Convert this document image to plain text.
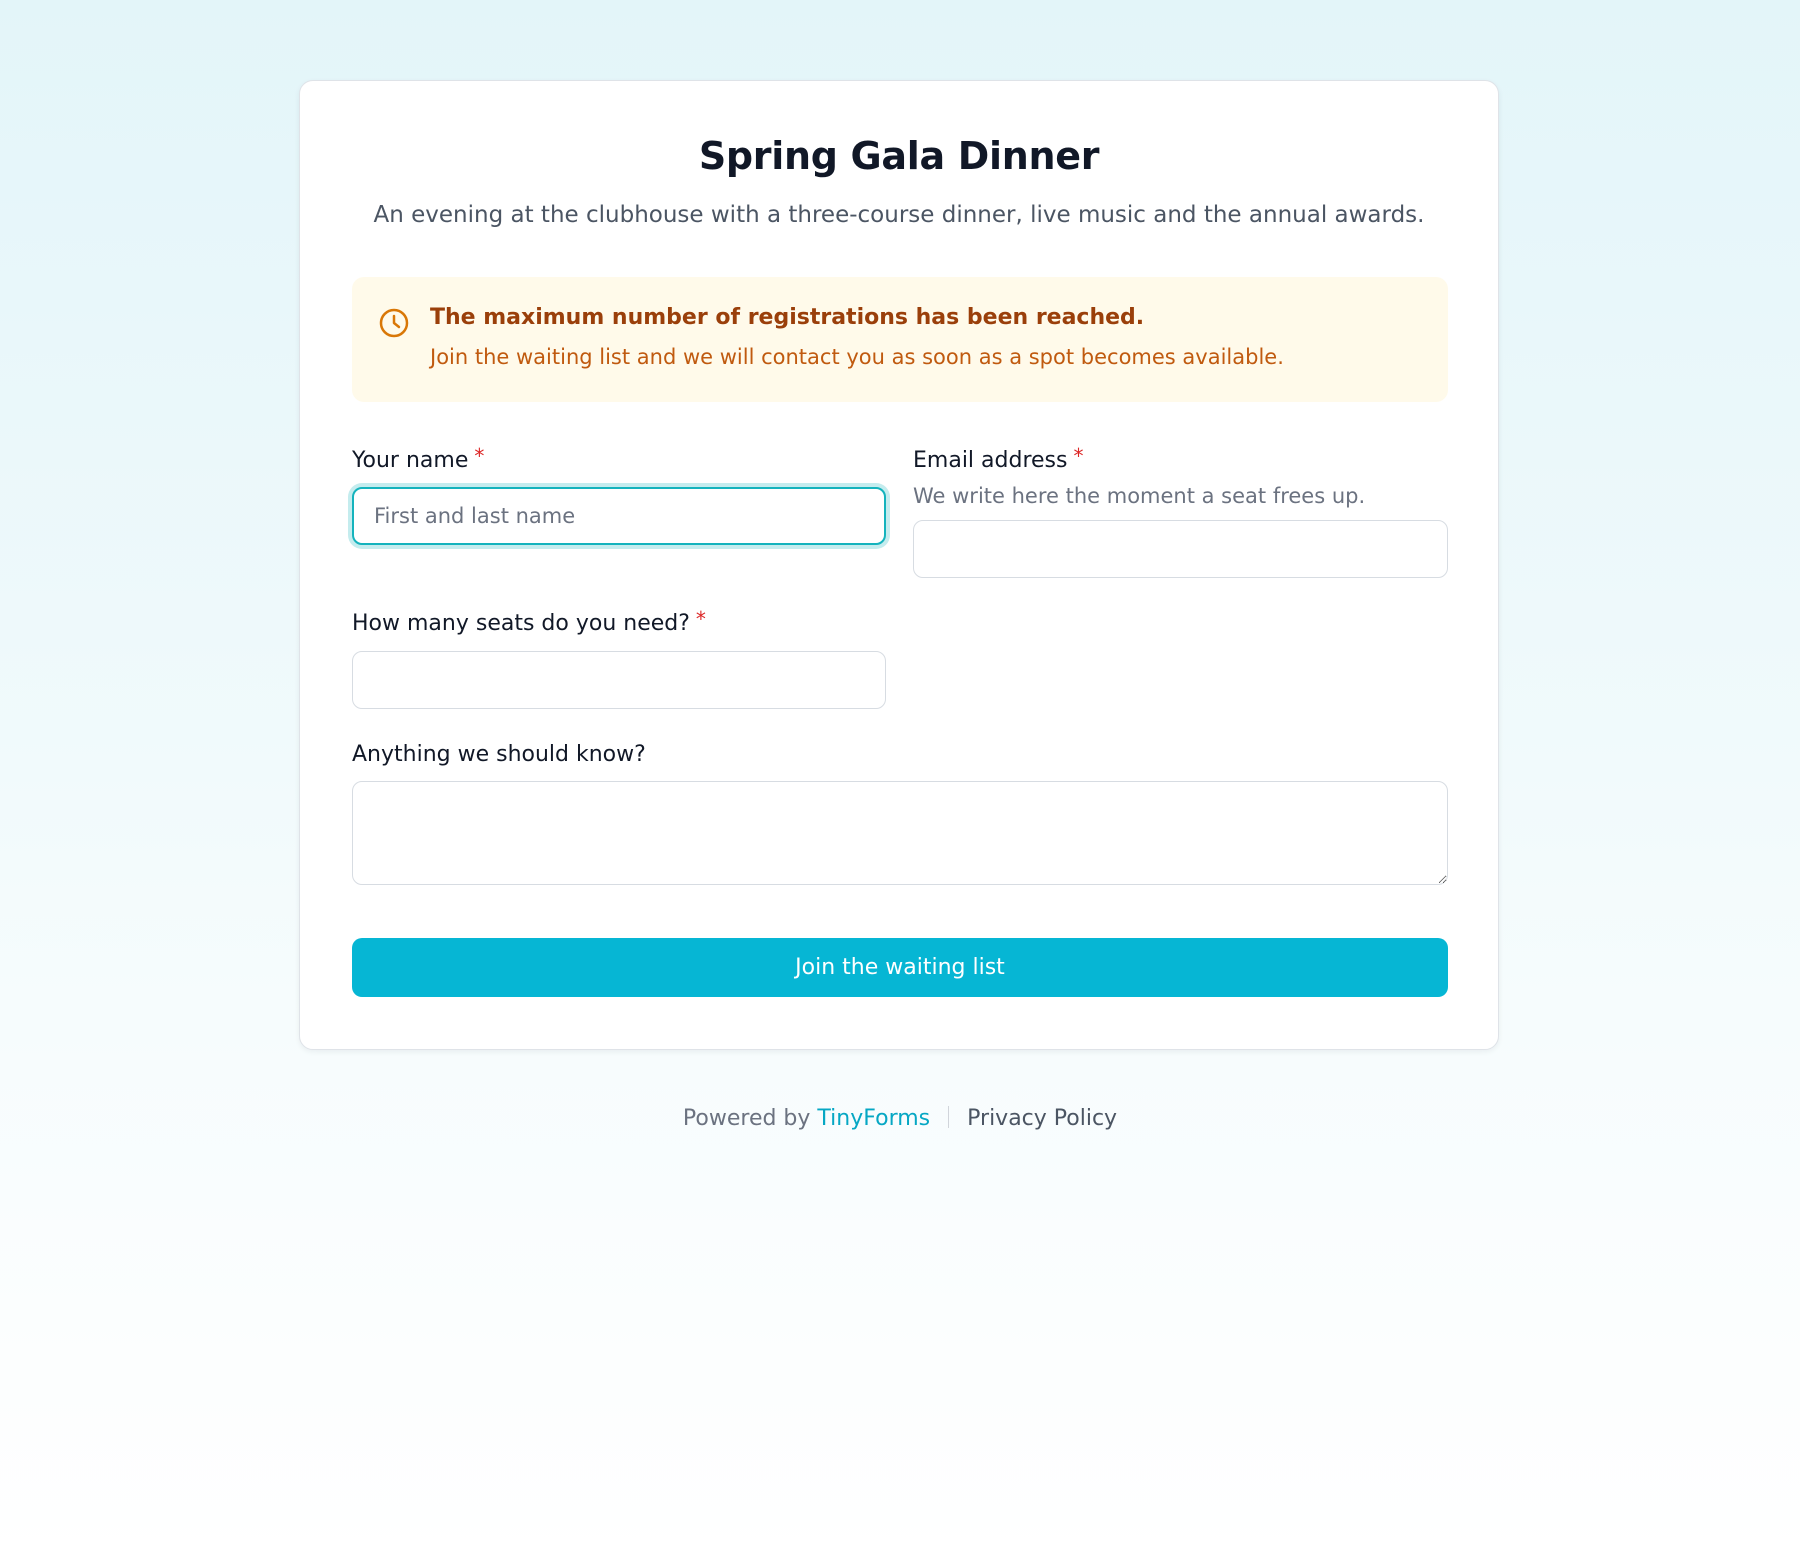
Spring Gala Dinner
An evening at the clubhouse with a three-course dinner, live music and the annual awards.
The maximum number of registrations has been reached.
Join the waiting list and we will contact you as soon as a spot becomes available.
Your name *
First and last name	Email address *
We write here the moment a seat frees up.
How many seats do you need? *
Anything we should know?
Join the waiting list
Powered by TinyForms Privacy Policy
